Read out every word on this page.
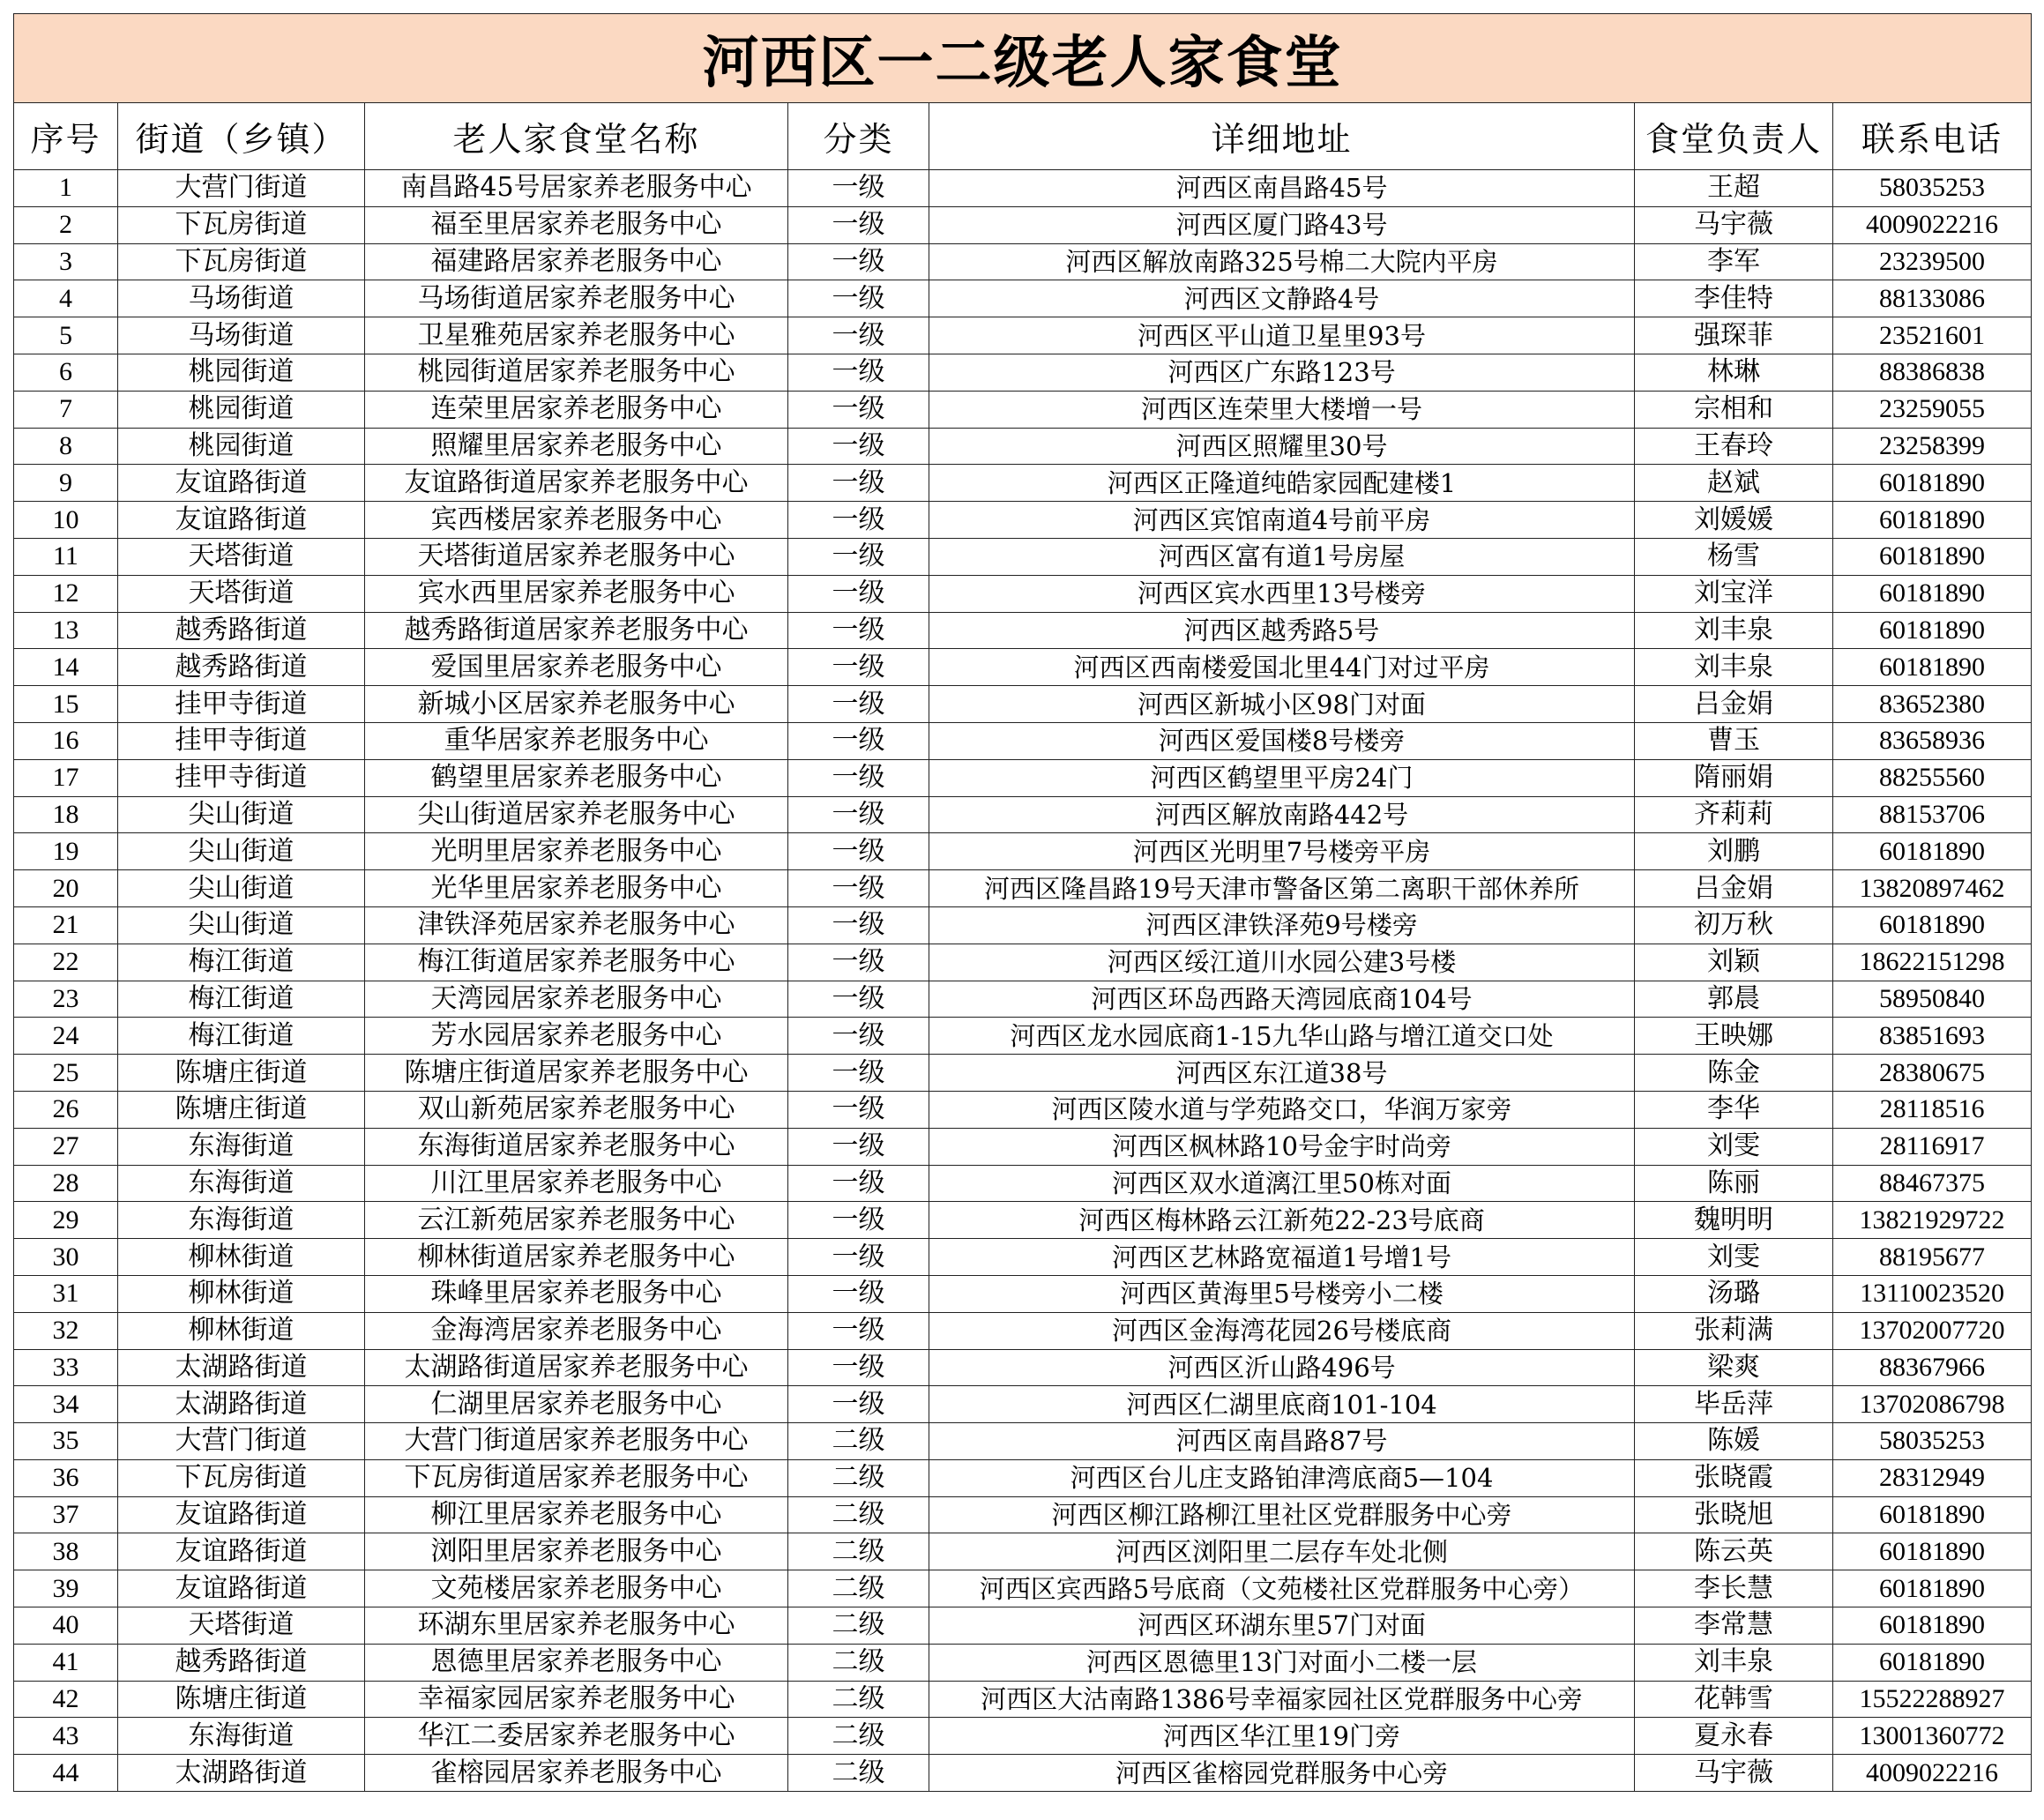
河西区一二级老人家食堂						
序号	街道（乡镇）	老人家食堂名称	分类	详细地址	食堂负责人	联系电话
1	大营门街道	南昌路45号居家养老服务中心	一级	河西区南昌路45号	王超	58035253
2	下瓦房街道	福至里居家养老服务中心	一级	河西区厦门路43号	马宇薇	4009022216
3	下瓦房街道	福建路居家养老服务中心	一级	河西区解放南路325号棉二大院内平房	李军	23239500
4	马场街道	马场街道居家养老服务中心	一级	河西区文静路4号	李佳特	88133086
5	马场街道	卫星雅苑居家养老服务中心	一级	河西区平山道卫星里93号	强琛菲	23521601
6	桃园街道	桃园街道居家养老服务中心	一级	河西区广东路123号	林琳	88386838
7	桃园街道	连荣里居家养老服务中心	一级	河西区连荣里大楼增一号	宗相和	23259055
8	桃园街道	照耀里居家养老服务中心	一级	河西区照耀里30号	王春玲	23258399
9	友谊路街道	友谊路街道居家养老服务中心	一级	河西区正隆道纯皓家园配建楼1	赵斌	60181890
10	友谊路街道	宾西楼居家养老服务中心	一级	河西区宾馆南道4号前平房	刘媛媛	60181890
11	天塔街道	天塔街道居家养老服务中心	一级	河西区富有道1号房屋	杨雪	60181890
12	天塔街道	宾水西里居家养老服务中心	一级	河西区宾水西里13号楼旁	刘宝洋	60181890
13	越秀路街道	越秀路街道居家养老服务中心	一级	河西区越秀路5号	刘丰泉	60181890
14	越秀路街道	爱国里居家养老服务中心	一级	河西区西南楼爱国北里44门对过平房	刘丰泉	60181890
15	挂甲寺街道	新城小区居家养老服务中心	一级	河西区新城小区98门对面	吕金娟	83652380
16	挂甲寺街道	重华居家养老服务中心	一级	河西区爱国楼8号楼旁	曹玉	83658936
17	挂甲寺街道	鹤望里居家养老服务中心	一级	河西区鹤望里平房24门	隋丽娟	88255560
18	尖山街道	尖山街道居家养老服务中心	一级	河西区解放南路442号	齐莉莉	88153706
19	尖山街道	光明里居家养老服务中心	一级	河西区光明里7号楼旁平房	刘鹏	60181890
20	尖山街道	光华里居家养老服务中心	一级	河西区隆昌路19号天津市警备区第二离职干部休养所	吕金娟	13820897462
21	尖山街道	津铁泽苑居家养老服务中心	一级	河西区津铁泽苑9号楼旁	初万秋	60181890
22	梅江街道	梅江街道居家养老服务中心	一级	河西区绥江道川水园公建3号楼	刘颖	18622151298
23	梅江街道	天湾园居家养老服务中心	一级	河西区环岛西路天湾园底商104号	郭晨	58950840
24	梅江街道	芳水园居家养老服务中心	一级	河西区龙水园底商1-15九华山路与增江道交口处	王映娜	83851693
25	陈塘庄街道	陈塘庄街道居家养老服务中心	一级	河西区东江道38号	陈金	28380675
26	陈塘庄街道	双山新苑居家养老服务中心	一级	河西区陵水道与学苑路交口，华润万家旁	李华	28118516
27	东海街道	东海街道居家养老服务中心	一级	河西区枫林路10号金宇时尚旁	刘雯	28116917
28	东海街道	川江里居家养老服务中心	一级	河西区双水道漓江里50栋对面	陈丽	88467375
29	东海街道	云江新苑居家养老服务中心	一级	河西区梅林路云江新苑22-23号底商	魏明明	13821929722
30	柳林街道	柳林街道居家养老服务中心	一级	河西区艺林路宽福道1号增1号	刘雯	88195677
31	柳林街道	珠峰里居家养老服务中心	一级	河西区黄海里5号楼旁小二楼	汤璐	13110023520
32	柳林街道	金海湾居家养老服务中心	一级	河西区金海湾花园26号楼底商	张莉满	13702007720
33	太湖路街道	太湖路街道居家养老服务中心	一级	河西区沂山路496号	梁爽	88367966
34	太湖路街道	仁湖里居家养老服务中心	一级	河西区仁湖里底商101-104	毕岳萍	13702086798
35	大营门街道	大营门街道居家养老服务中心	二级	河西区南昌路87号	陈媛	58035253
36	下瓦房街道	下瓦房街道居家养老服务中心	二级	河西区台儿庄支路铂津湾底商5—104	张晓霞	28312949
37	友谊路街道	柳江里居家养老服务中心	二级	河西区柳江路柳江里社区党群服务中心旁	张晓旭	60181890
38	友谊路街道	浏阳里居家养老服务中心	二级	河西区浏阳里二层存车处北侧	陈云英	60181890
39	友谊路街道	文苑楼居家养老服务中心	二级	河西区宾西路5号底商（文苑楼社区党群服务中心旁）	李长慧	60181890
40	天塔街道	环湖东里居家养老服务中心	二级	河西区环湖东里57门对面	李常慧	60181890
41	越秀路街道	恩德里居家养老服务中心	二级	河西区恩德里13门对面小二楼一层	刘丰泉	60181890
42	陈塘庄街道	幸福家园居家养老服务中心	二级	河西区大沽南路1386号幸福家园社区党群服务中心旁	花韩雪	15522288927
43	东海街道	华江二委居家养老服务中心	二级	河西区华江里19门旁	夏永春	13001360772
44	太湖路街道	雀榕园居家养老服务中心	二级	河西区雀榕园党群服务中心旁	马宇薇	4009022216
